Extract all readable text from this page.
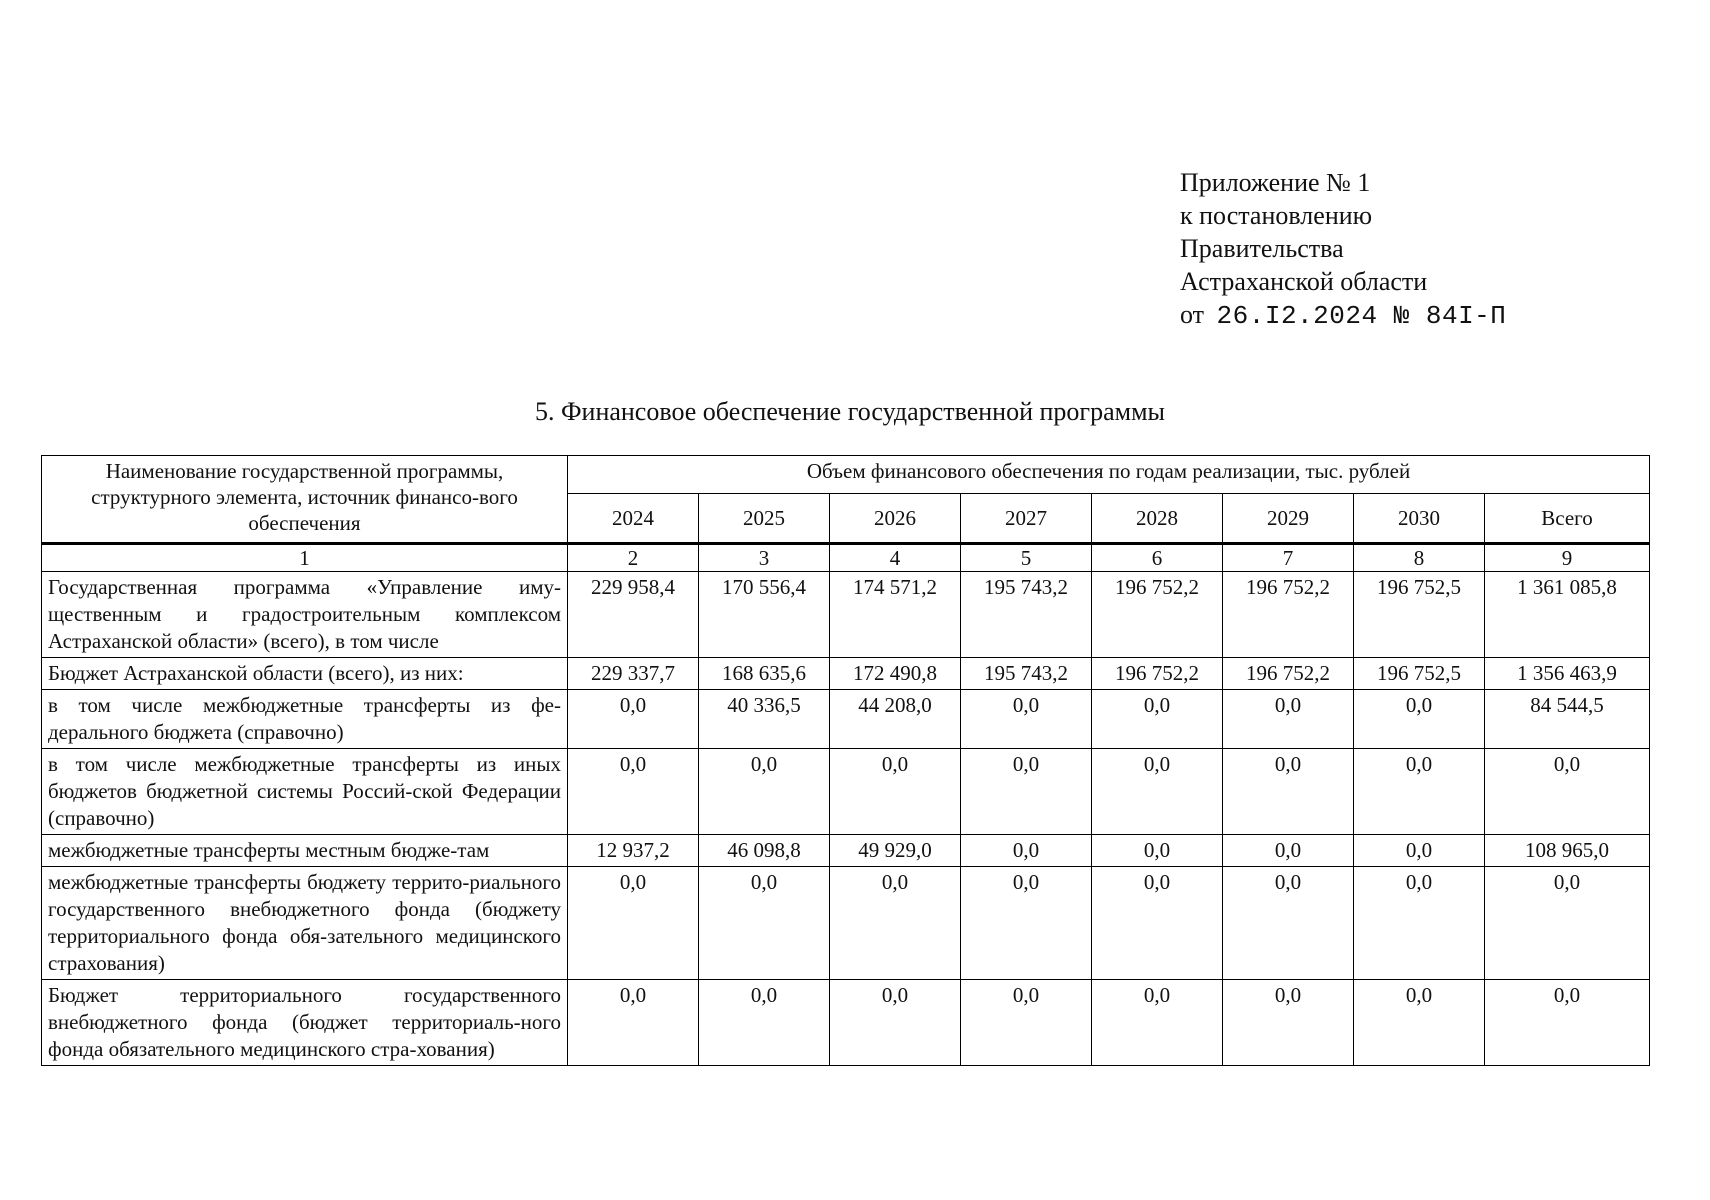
Приложение № 1
к постановлению
Правительства
Астраханской области
от 26.I2.2024 № 84I-П
5. Финансовое обеспечение государственной программы
Наименование государственной программы, структурного элемента, источник финансо-вого обеспечения	Объем финансового обеспечения по годам реализации, тыс. рублей							
	2024	2025	2026	2027	2028	2029	2030	Всего
1	2	3	4	5	6	7	8	9
Государственная программа «Управление иму-щественным и градостроительным комплексом Астраханской области» (всего), в том числе	229 958,4	170 556,4	174 571,2	195 743,2	196 752,2	196 752,2	196 752,5	1 361 085,8
Бюджет Астраханской области (всего), из них:	229 337,7	168 635,6	172 490,8	195 743,2	196 752,2	196 752,2	196 752,5	1 356 463,9
в том числе межбюджетные трансферты из фе-дерального бюджета (справочно)	0,0	40 336,5	44 208,0	0,0	0,0	0,0	0,0	84 544,5
в том числе межбюджетные трансферты из иных бюджетов бюджетной системы Россий-ской Федерации (справочно)	0,0	0,0	0,0	0,0	0,0	0,0	0,0	0,0
межбюджетные трансферты местным бюдже-там	12 937,2	46 098,8	49 929,0	0,0	0,0	0,0	0,0	108 965,0
межбюджетные трансферты бюджету террито-риального государственного внебюджетного фонда (бюджету территориального фонда обя-зательного медицинского страхования)	0,0	0,0	0,0	0,0	0,0	0,0	0,0	0,0
Бюджет территориального государственного внебюджетного фонда (бюджет территориаль-ного фонда обязательного медицинского стра-хования)	0,0	0,0	0,0	0,0	0,0	0,0	0,0	0,0
